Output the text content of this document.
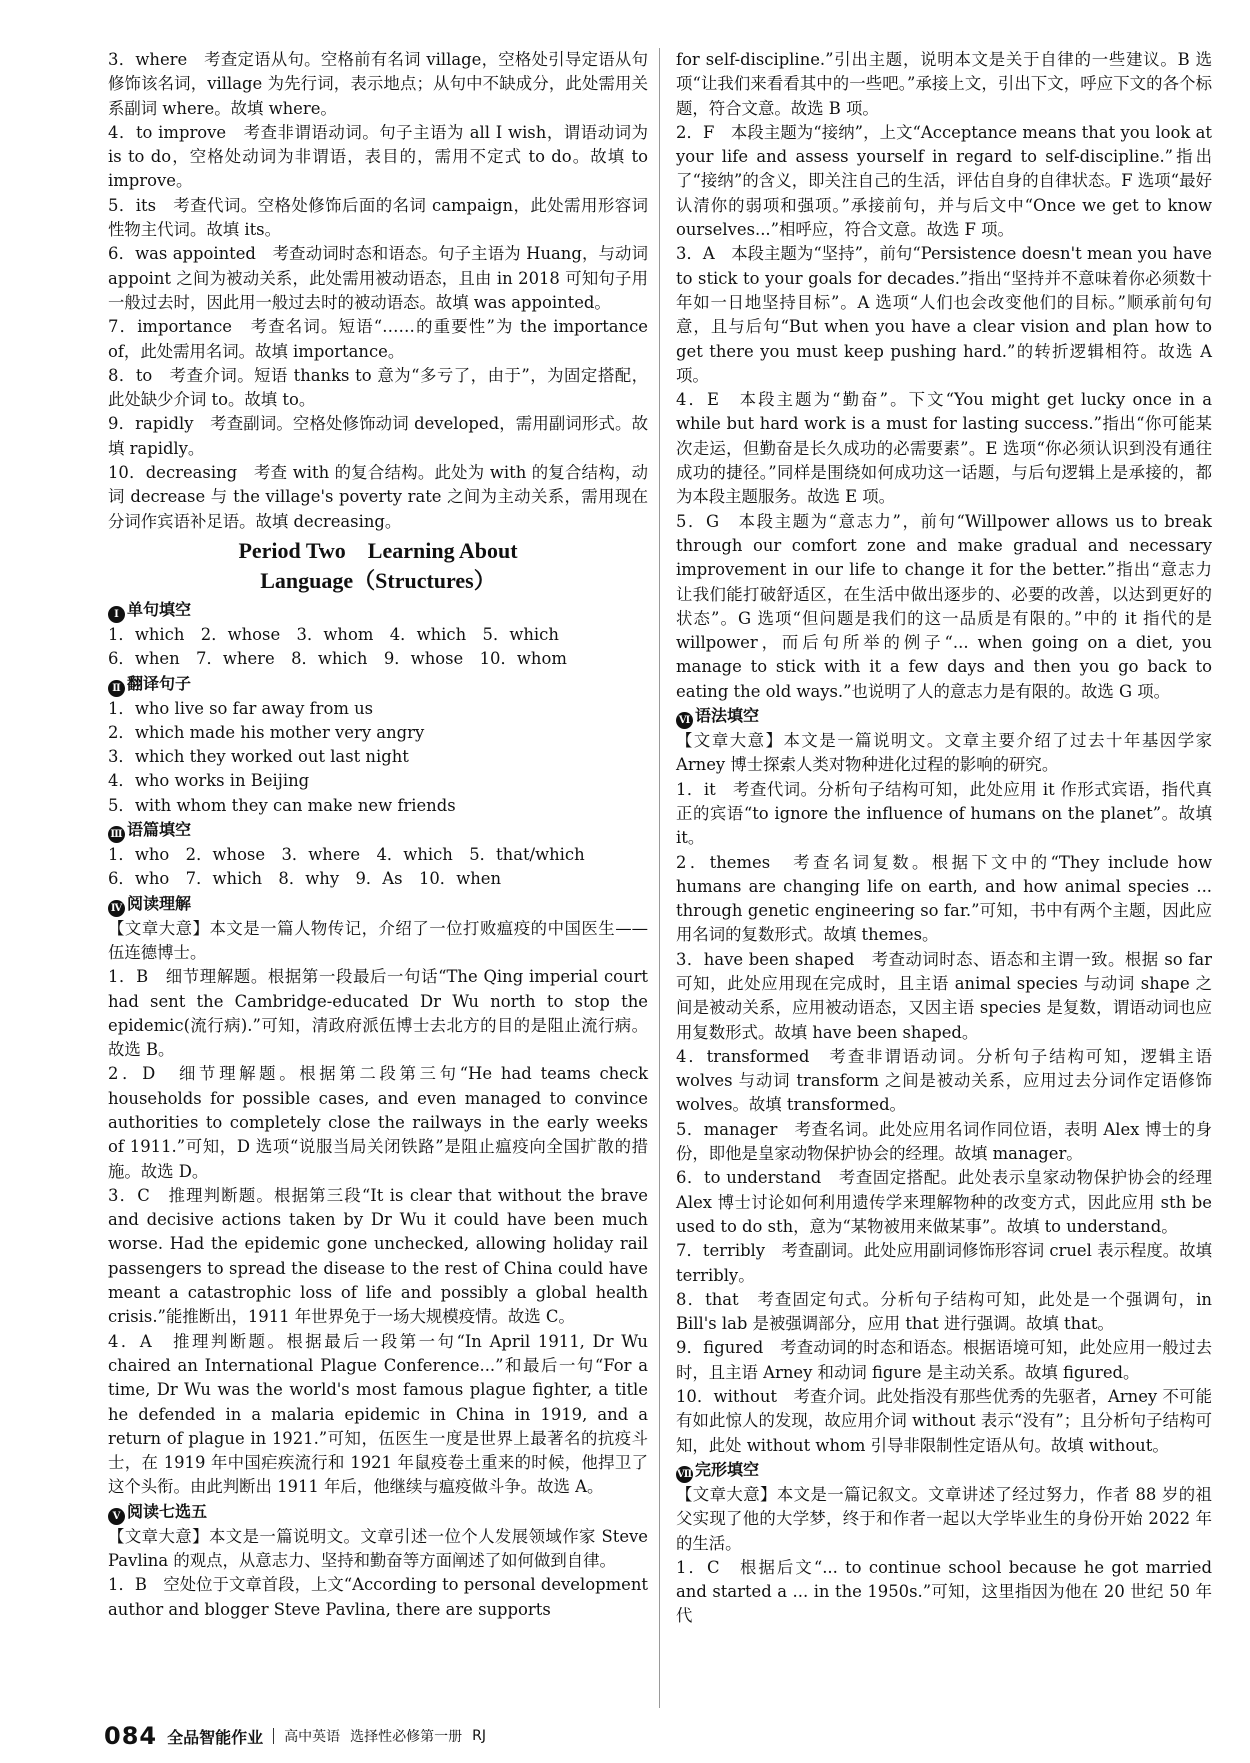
3．where　考查定语从句。空格前有名词 village，空格处引导定语从句修饰该名词，village 为先行词，表示地点；从句中不缺成分，此处需用关系副词 where。故填 where。

4．to improve　考查非谓语动词。句子主语为 all I wish，谓语动词为 is to do，空格处动词为非谓语，表目的，需用不定式 to do。故填 to improve。

5．its　考查代词。空格处修饰后面的名词 campaign，此处需用形容词性物主代词。故填 its。

6．was appointed　考查动词时态和语态。句子主语为 Huang，与动词 appoint 之间为被动关系，此处需用被动语态，且由 in 2018 可知句子用一般过去时，因此用一般过去时的被动语态。故填 was appointed。

7．importance　考查名词。短语“……的重要性”为 the importance of，此处需用名词。故填 importance。

8．to　考查介词。短语 thanks to 意为“多亏了，由于”，为固定搭配，此处缺少介词 to。故填 to。

9．rapidly　考查副词。空格处修饰动词 developed，需用副词形式。故填 rapidly。

10．decreasing　考查 with 的复合结构。此处为 with 的复合结构，动词 decrease 与 the village's poverty rate 之间为主动关系，需用现在分词作宾语补足语。故填 decreasing。

Period Two　Learning About
Language（Structures）

Ⅰ 单句填空

1．which　2．whose　3．whom　4．which　5．which

6．when　7．where　8．which　9．whose　10．whom

Ⅱ 翻译句子

1．who live so far away from us

2．which made his mother very angry

3．which they worked out last night

4．who works in Beijing

5．with whom they can make new friends

Ⅲ 语篇填空

1．who　2．whose　3．where　4．which　5．that/which

6．who　7．which　8．why　9．As　10．when

Ⅳ 阅读理解

【文章大意】本文是一篇人物传记，介绍了一位打败瘟疫的中国医生——伍连德博士。

1．B　细节理解题。根据第一段最后一句话“The Qing imperial court had sent the Cambridge-educated Dr Wu north to stop the epidemic(流行病).”可知，清政府派伍博士去北方的目的是阻止流行病。故选 B。

2．D　细节理解题。根据第二段第三句“He had teams check households for possible cases, and even managed to convince authorities to completely close the railways in the early weeks of 1911.”可知，D 选项“说服当局关闭铁路”是阻止瘟疫向全国扩散的措施。故选 D。

3．C　推理判断题。根据第三段“It is clear that without the brave and decisive actions taken by Dr Wu it could have been much worse. Had the epidemic gone unchecked, allowing holiday rail passengers to spread the disease to the rest of China could have meant a catastrophic loss of life and possibly a global health crisis.”能推断出，1911 年世界免于一场大规模疫情。故选 C。

4．A　推理判断题。根据最后一段第一句“In April 1911, Dr Wu chaired an International Plague Conference...”和最后一句“For a time, Dr Wu was the world's most famous plague fighter, a title he defended in a malaria epidemic in China in 1919, and a return of plague in 1921.”可知，伍医生一度是世界上最著名的抗疫斗士，在 1919 年中国疟疾流行和 1921 年鼠疫卷土重来的时候，他捍卫了这个头衔。由此判断出 1911 年后，他继续与瘟疫做斗争。故选 A。

Ⅴ 阅读七选五

【文章大意】本文是一篇说明文。文章引述一位个人发展领域作家 Steve Pavlina 的观点，从意志力、坚持和勤奋等方面阐述了如何做到自律。

1．B　空处位于文章首段，上文“According to personal development author and blogger Steve Pavlina, there are supports

for self-discipline.”引出主题，说明本文是关于自律的一些建议。B 选项“让我们来看看其中的一些吧。”承接上文，引出下文，呼应下文的各个标题，符合文意。故选 B 项。

2．F　本段主题为“接纳”，上文“Acceptance means that you look at your life and assess yourself in regard to self-discipline.”指出了“接纳”的含义，即关注自己的生活，评估自身的自律状态。F 选项“最好认清你的弱项和强项。”承接前句，并与后文中“Once we get to know ourselves...”相呼应，符合文意。故选 F 项。

3．A　本段主题为“坚持”，前句“Persistence doesn't mean you have to stick to your goals for decades.”指出“坚持并不意味着你必须数十年如一日地坚持目标”。A 选项“人们也会改变他们的目标。”顺承前句句意，且与后句“But when you have a clear vision and plan how to get there you must keep pushing hard.”的转折逻辑相符。故选 A 项。

4．E　本段主题为“勤奋”。下文“You might get lucky once in a while but hard work is a must for lasting success.”指出“你可能某次走运，但勤奋是长久成功的必需要素”。E 选项“你必须认识到没有通往成功的捷径。”同样是围绕如何成功这一话题，与后句逻辑上是承接的，都为本段主题服务。故选 E 项。

5．G　本段主题为“意志力”，前句“Willpower allows us to break through our comfort zone and make gradual and necessary improvement in our life to change it for the better.”指出“意志力让我们能打破舒适区，在生活中做出逐步的、必要的改善，以达到更好的状态”。G 选项“但问题是我们的这一品质是有限的。”中的 it 指代的是 willpower，而后句所举的例子“... when going on a diet, you manage to stick with it a few days and then you go back to eating the old ways.”也说明了人的意志力是有限的。故选 G 项。

Ⅵ 语法填空

【文章大意】本文是一篇说明文。文章主要介绍了过去十年基因学家 Arney 博士探索人类对物种进化过程的影响的研究。

1．it　考查代词。分析句子结构可知，此处应用 it 作形式宾语，指代真正的宾语“to ignore the influence of humans on the planet”。故填 it。

2．themes　考查名词复数。根据下文中的“They include how humans are changing life on earth, and how animal species ... through genetic engineering so far.”可知，书中有两个主题，因此应用名词的复数形式。故填 themes。

3．have been shaped　考查动词时态、语态和主谓一致。根据 so far 可知，此处应用现在完成时，且主语 animal species 与动词 shape 之间是被动关系，应用被动语态，又因主语 species 是复数，谓语动词也应用复数形式。故填 have been shaped。

4．transformed　考查非谓语动词。分析句子结构可知，逻辑主语 wolves 与动词 transform 之间是被动关系，应用过去分词作定语修饰 wolves。故填 transformed。

5．manager　考查名词。此处应用名词作同位语，表明 Alex 博士的身份，即他是皇家动物保护协会的经理。故填 manager。

6．to understand　考查固定搭配。此处表示皇家动物保护协会的经理 Alex 博士讨论如何利用遗传学来理解物种的改变方式，因此应用 sth be used to do sth，意为“某物被用来做某事”。故填 to understand。

7．terribly　考查副词。此处应用副词修饰形容词 cruel 表示程度。故填 terribly。

8．that　考查固定句式。分析句子结构可知，此处是一个强调句，in Bill's lab 是被强调部分，应用 that 进行强调。故填 that。

9．figured　考查动词的时态和语态。根据语境可知，此处应用一般过去时，且主语 Arney 和动词 figure 是主动关系。故填 figured。

10．without　考查介词。此处指没有那些优秀的先驱者，Arney 不可能有如此惊人的发现，故应用介词 without 表示“没有”；且分析句子结构可知，此处 without whom 引导非限制性定语从句。故填 without。

Ⅶ 完形填空

【文章大意】本文是一篇记叙文。文章讲述了经过努力，作者 88 岁的祖父实现了他的大学梦，终于和作者一起以大学毕业生的身份开始 2022 年的生活。

1．C　根据后文“... to continue school because he got married and started a ... in the 1950s.”可知，这里指因为他在 20 世纪 50 年代

084 全品智能作业 高中英语 选择性必修第一册 RJ
